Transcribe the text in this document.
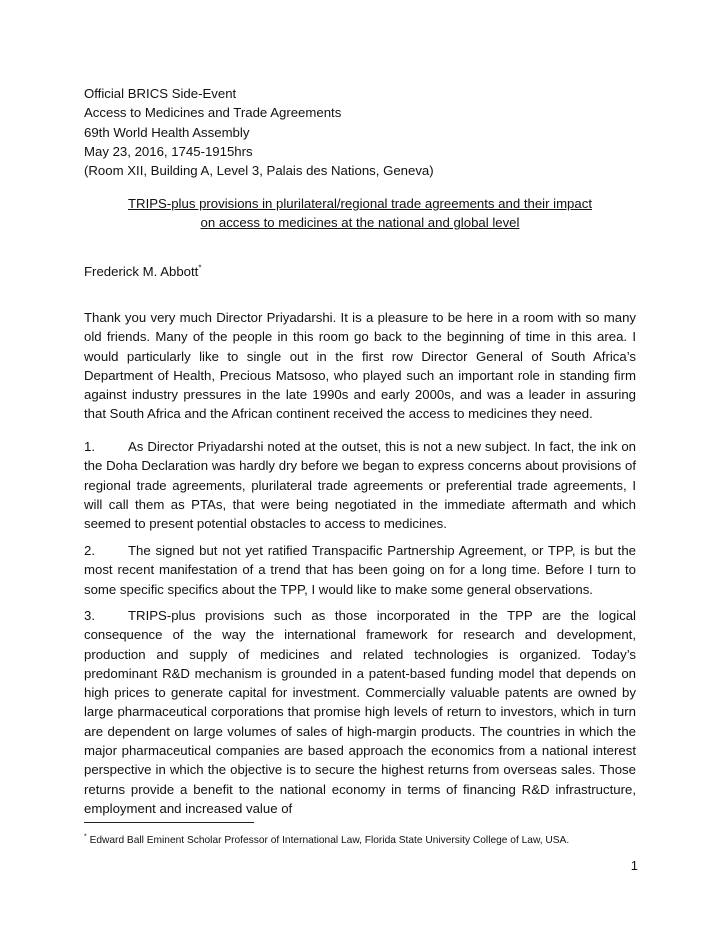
Official BRICS Side-Event
Access to Medicines and Trade Agreements
69th World Health Assembly
May 23, 2016, 1745-1915hrs
(Room XII, Building A, Level 3, Palais des Nations, Geneva)
TRIPS-plus provisions in plurilateral/regional trade agreements and their impact
on access to medicines at the national and global level
Frederick M. Abbott*
Thank you very much Director Priyadarshi. It is a pleasure to be here in a room with so many old friends. Many of the people in this room go back to the beginning of time in this area. I would particularly like to single out in the first row Director General of South Africa’s Department of Health, Precious Matsoso, who played such an important role in standing firm against industry pressures in the late 1990s and early 2000s, and was a leader in assuring that South Africa and the African continent received the access to medicines they need.
1.	As Director Priyadarshi noted at the outset, this is not a new subject. In fact, the ink on the Doha Declaration was hardly dry before we began to express concerns about provisions of regional trade agreements, plurilateral trade agreements or preferential trade agreements, I will call them as PTAs, that were being negotiated in the immediate aftermath and which seemed to present potential obstacles to access to medicines.
2.	The signed but not yet ratified Transpacific Partnership Agreement, or TPP, is but the most recent manifestation of a trend that has been going on for a long time. Before I turn to some specific specifics about the TPP, I would like to make some general observations.
3.	TRIPS-plus provisions such as those incorporated in the TPP are the logical consequence of the way the international framework for research and development, production and supply of medicines and related technologies is organized. Today’s predominant R&D mechanism is grounded in a patent-based funding model that depends on high prices to generate capital for investment. Commercially valuable patents are owned by large pharmaceutical corporations that promise high levels of return to investors, which in turn are dependent on large volumes of sales of high-margin products. The countries in which the major pharmaceutical companies are based approach the economics from a national interest perspective in which the objective is to secure the highest returns from overseas sales. Those returns provide a benefit to the national economy in terms of financing R&D infrastructure, employment and increased value of
* Edward Ball Eminent Scholar Professor of International Law, Florida State University College of Law, USA.
1
